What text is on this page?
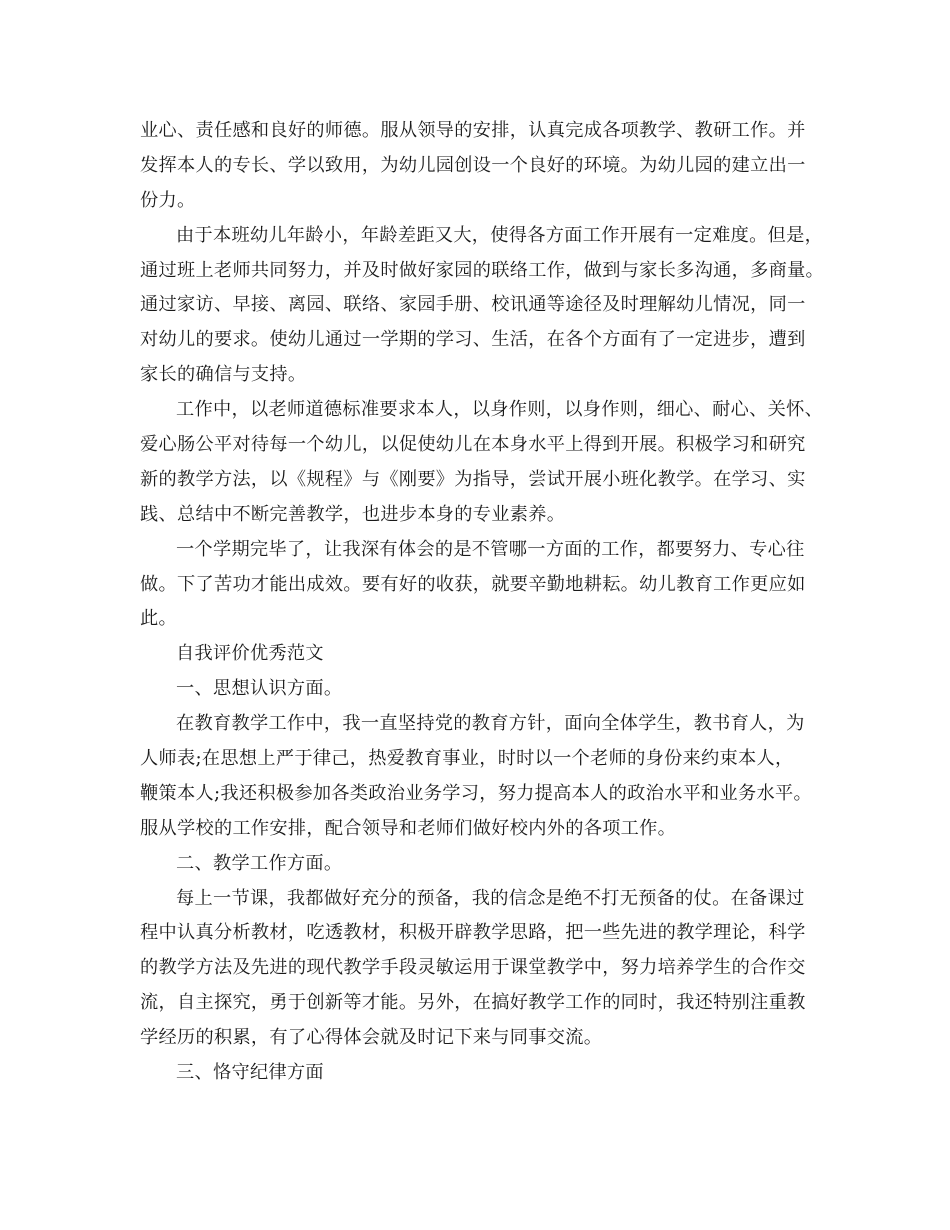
业心、责任感和良好的师德。服从领导的安排，认真完成各项教学、教研工作。并
发挥本人的专长、学以致用，为幼儿园创设一个良好的环境。为幼儿园的建立出一
份力。
由于本班幼儿年龄小，年龄差距又大，使得各方面工作开展有一定难度。但是，
通过班上老师共同努力，并及时做好家园的联络工作，做到与家长多沟通，多商量。
通过家访、早接、离园、联络、家园手册、校讯通等途径及时理解幼儿情况，同一
对幼儿的要求。使幼儿通过一学期的学习、生活，在各个方面有了一定进步，遭到
家长的确信与支持。
工作中，以老师道德标准要求本人，以身作则，以身作则，细心、耐心、关怀、
爱心肠公平对待每一个幼儿，以促使幼儿在本身水平上得到开展。积极学习和研究
新的教学方法，以《规程》与《刚要》为指导，尝试开展小班化教学。在学习、实
践、总结中不断完善教学，也进步本身的专业素养。
一个学期完毕了，让我深有体会的是不管哪一方面的工作，都要努力、专心往
做。下了苦功才能出成效。要有好的收获，就要辛勤地耕耘。幼儿教育工作更应如
此。
自我评价优秀范文
一、思想认识方面。
在教育教学工作中，我一直坚持党的教育方针，面向全体学生，教书育人，为
人师表;在思想上严于律己，热爱教育事业，时时以一个老师的身份来约束本人，
鞭策本人;我还积极参加各类政治业务学习，努力提高本人的政治水平和业务水平。
服从学校的工作安排，配合领导和老师们做好校内外的各项工作。
二、教学工作方面。
每上一节课，我都做好充分的预备，我的信念是绝不打无预备的仗。在备课过
程中认真分析教材，吃透教材，积极开辟教学思路，把一些先进的教学理论，科学
的教学方法及先进的现代教学手段灵敏运用于课堂教学中，努力培养学生的合作交
流，自主探究，勇于创新等才能。另外，在搞好教学工作的同时，我还特别注重教
学经历的积累，有了心得体会就及时记下来与同事交流。
三、恪守纪律方面
